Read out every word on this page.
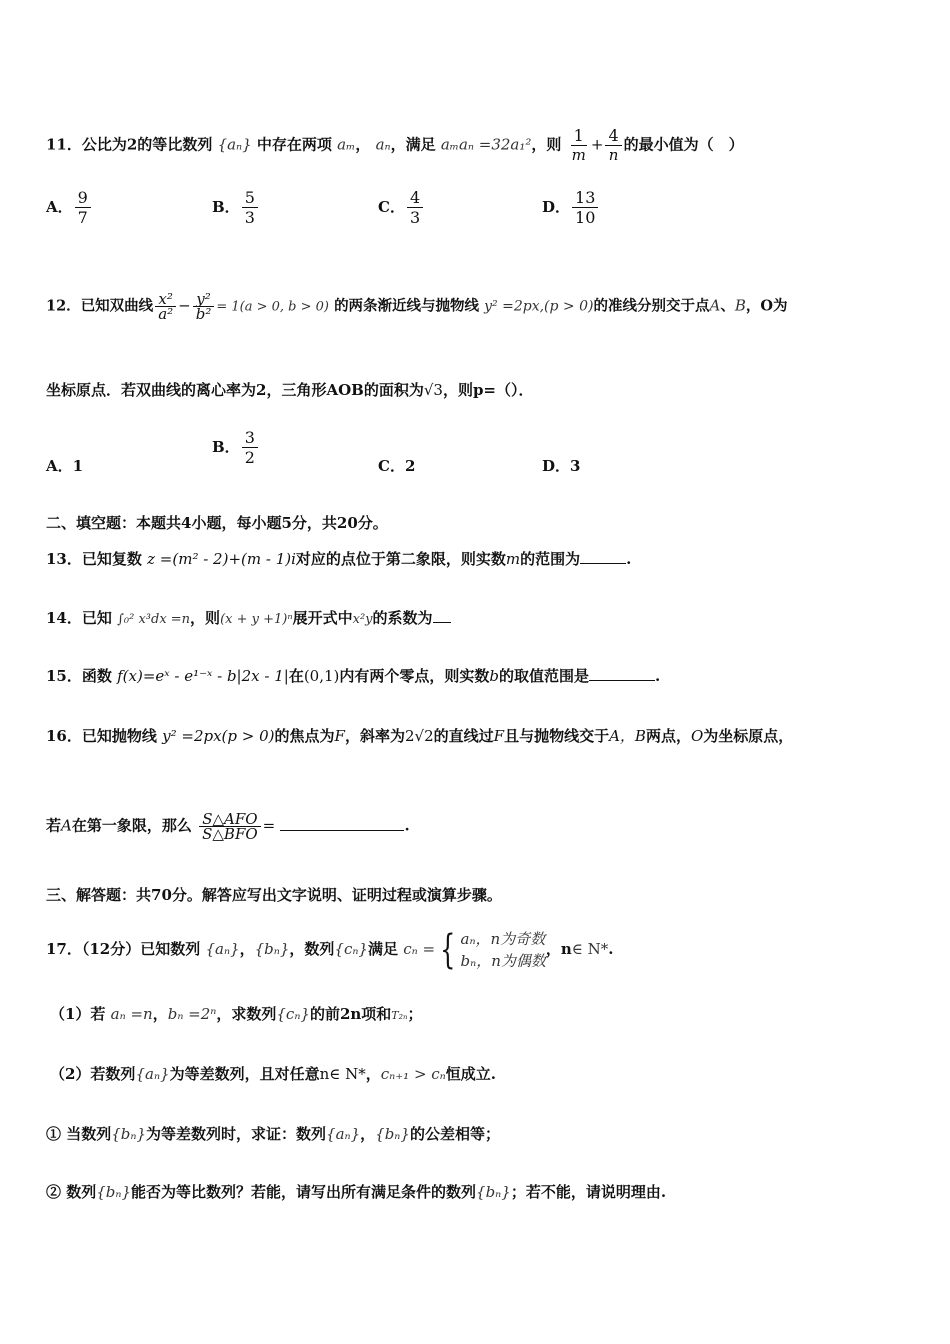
11．公比为2的等比数列 {aₙ} 中存在两项 aₘ， aₙ，满足 aₘaₙ =32a₁²，则 $\frac{1}{m} + \frac{4}{n}$ 的最小值为（　）
A． $\frac{9}{7}$	B． $\frac{5}{3}$	C． $\frac{4}{3}$	D． $\frac{13}{10}$
12．已知双曲线 $\frac{\text{x²}}{\text{a²}} - \frac{\text{y²}}{\text{b²}} = 1(a > 0$, b > 0) 的两条渐近线与抛物线 y² =2px,(p > 0)的准线分别交于点A、B，O为
坐标原点．若双曲线的离心率为2，三角形AOB的面积为√3，则p=（）．
A．1
B． $\frac{3}{2}$	C．2	D．3
二、填空题：本题共4小题，每小题5分，共20分。
13．已知复数 z =(m² - 2)+(m - 1)i对应的点位于第二象限，则实数m的范围为	.
14．已知 ∫₀² x³dx =n，则(x + y +1)ⁿ展开式中x²y的系数为
15．函数 f(x)=eˣ - e¹⁻ˣ - b|2x - 1|在(0,1)内有两个零点，则实数b的取值范围是	.
16．已知抛物线 y² =2px(p > 0)的焦点为F，斜率为2√2的直线过F且与抛物线交于A，B两点，O为坐标原点，
若A在第一象限，那么 $\frac{\text{S△AFO}}{\text{S△BFO}}$ =	.
三、解答题：共70分。解答应写出文字说明、证明过程或演算步骤。
17．（12分）已知数列 {aₙ}，{bₙ}，数列{cₙ}满足 cₙ = { aₙ，n为奇数
bₙ，n为偶数
，n∈ N*.
（1）若 aₙ =n，bₙ =2ⁿ，求数列{cₙ}的前2n项和T₂ₙ；
（2）若数列{aₙ}为等差数列，且对任意n∈ N*，cₙ₊₁ > cₙ恒成立.
① 当数列{bₙ}为等差数列时，求证：数列{aₙ}，{bₙ}的公差相等；
② 数列{bₙ}能否为等比数列？若能，请写出所有满足条件的数列{bₙ}；若不能，请说明理由.
